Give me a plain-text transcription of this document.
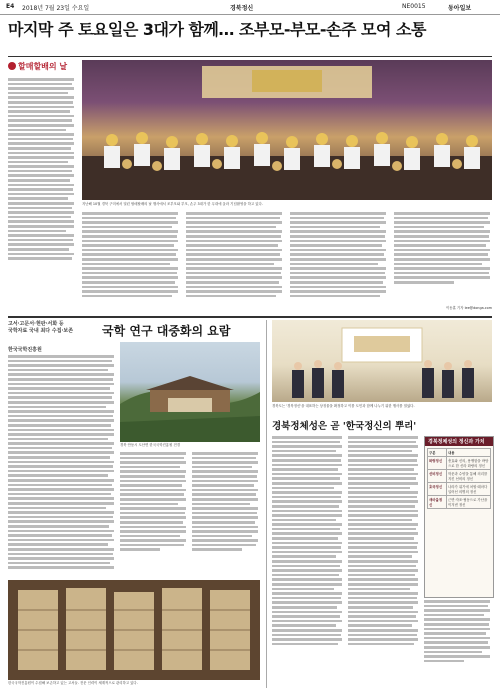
E4 2018년 7월 23일 수요일	경북정신	NE0015	동아일보
마지막 주 토요일은 3대가 함께… 조부모-부모-손주 모여 소통
할매할배의 날
지난해 10월 경북 구미에서 열린 할매할배의 날 행사에서 조부모와 부모, 손주 3대가 한 무대에 올라 기념촬영을 하고 있다.
이동훈 기자 lee@donga.com
고서·고문서·현판·서화 등
국학자료 국내 최다 수집·보존	국학 연구 대중화의 요람
한국국학진흥원
경북 안동시 도산면 한국국학진흥원 전경
한국국학진흥원이 수집해 보존하고 있는 고서들. 전문 인력이 체계적으로 관리하고 있다.
경북도는 '경북정신'을 대표하는 상징물을 확정하고 이를 도민과 함께 나누기 위한 행사를 열었다.
경북정체성은 곧 '한국정신의 뿌리'
경북정체성의 정신과 가치
구분	내용
화랑정신	충효와 신의, 용맹함을 바탕으로 한 신라 화랑의 정신
선비정신	학문과 수양을 통해 의리를 지킨 선비의 정신
호국정신	나라가 위기에 처할 때마다 일어선 의병의 정신
새마을정신	근면·자조·협동으로 가난을 이겨낸 정신
